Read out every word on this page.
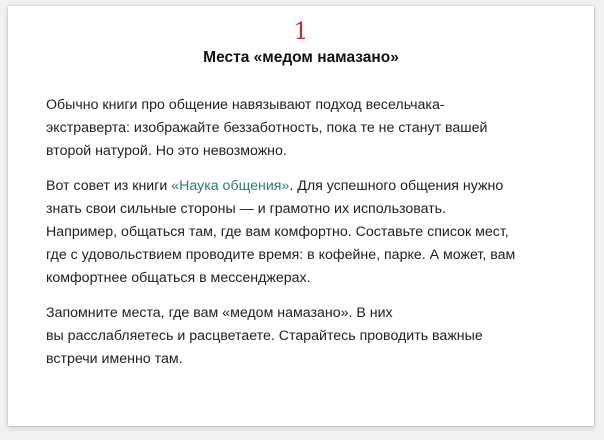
1
Места «медом намазано»

Обычно книги про общение навязывают подход весельчака-
экстраверта: изображайте беззаботность, пока те не станут вашей
второй натурой. Но это невозможно.

Вот совет из книги «Наука общения». Для успешного общения нужно
знать свои сильные стороны — и грамотно их использовать.
Например, общаться там, где вам комфортно. Составьте список мест,
где с удовольствием проводите время: в кофейне, парке. А может, вам
комфортнее общаться в мессенджерах.

Запомните места, где вам «медом намазано». В них
вы расслабляетесь и расцветаете. Старайтесь проводить важные
встречи именно там.
